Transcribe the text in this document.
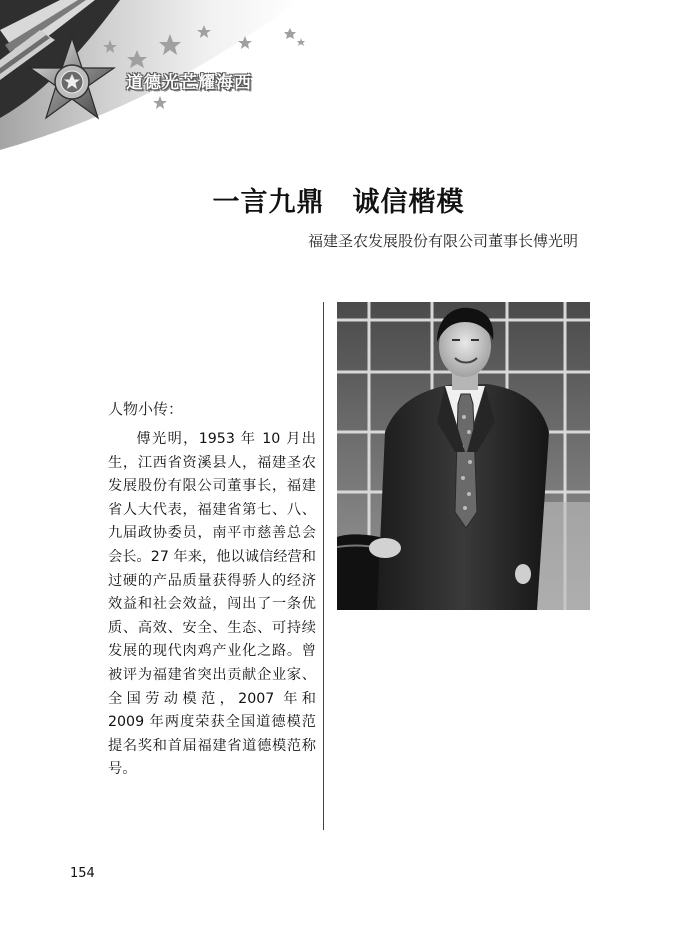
道德光芒耀海西
一言九鼎　诚信楷模
福建圣农发展股份有限公司董事长傅光明
人物小传：

傅光明，1953 年 10 月出生，江西省资溪县人，福建圣农发展股份有限公司董事长，福建省人大代表，福建省第七、八、九届政协委员，南平市慈善总会会长。27 年来，他以诚信经营和过硬的产品质量获得骄人的经济效益和社会效益，闯出了一条优质、高效、安全、生态、可持续发展的现代肉鸡产业化之路。曾被评为福建省突出贡献企业家、全国劳动模范，2007 年和 2009 年两度荣获全国道德模范提名奖和首届福建省道德模范称号。

154
